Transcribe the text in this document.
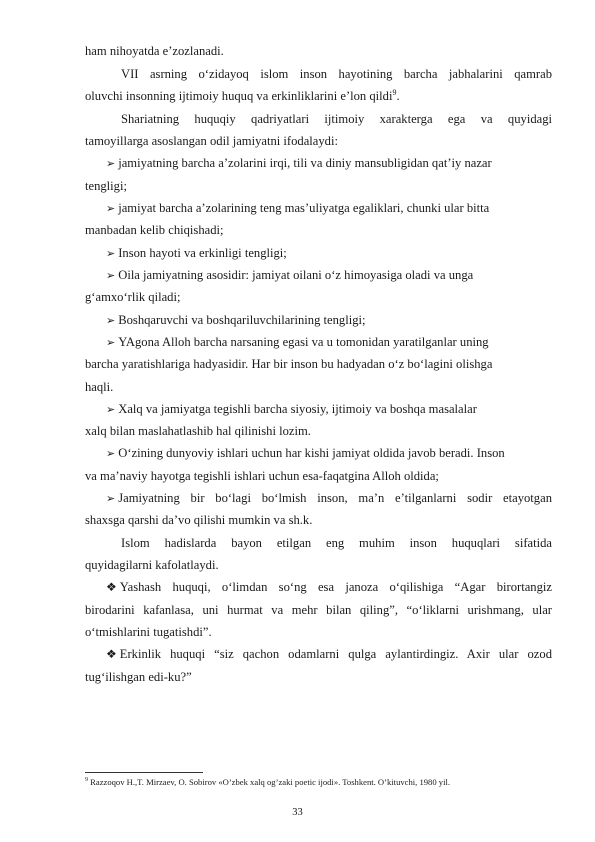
ham nihoyatda e’zozlanadi.
VII asrning o‘zidayoq islom inson hayotining barcha jabhalarini qamrab
oluvchi insonning ijtimoiy huquq va erkinliklarini e’lon qildi$^9$.
Shariatning huquqiy qadriyatlari ijtimoiy xarakterga ega va quyidagi
tamoyillarga asoslangan odil jamiyatni ifodalaydi:
➢ jamiyatning barcha a’zolarini irqi, tili va diniy mansubligidan qat’iy nazar
tengligi;
➢ jamiyat barcha a’zolarining teng mas’uliyatga egaliklari, chunki ular bitta
manbadan kelib chiqishadi;
➢ Inson hayoti va erkinligi tengligi;
➢ Oila jamiyatning asosidir: jamiyat oilani o‘z himoyasiga oladi va unga
g‘amxo‘rlik qiladi;
➢ Boshqaruvchi va boshqariluvchilarining tengligi;
➢ YAgona Alloh barcha narsaning egasi va u tomonidan yaratilganlar uning
barcha yaratishlariga hadyasidir. Har bir inson bu hadyadan o‘z bo‘lagini olishga
haqli.
➢ Xalq va jamiyatga tegishli barcha siyosiy, ijtimoiy va boshqa masalalar
xalq bilan maslahatlashib hal qilinishi lozim.
➢ O‘zining dunyoviy ishlari uchun har kishi jamiyat oldida javob beradi. Inson
va ma’naviy hayotga tegishli ishlari uchun esa-faqatgina Alloh oldida;
➢ Jamiyatning bir bo‘lagi bo‘lmish inson, ma’n e’tilganlarni sodir etayotgan
shaxsga qarshi da’vo qilishi mumkin va sh.k.
Islom hadislarda bayon etilgan eng muhim inson huquqlari sifatida
quyidagilarni kafolatlaydi.
❖ Yashash huquqi, o‘limdan so‘ng esa janoza o‘qilishiga “Agar birortangiz
birodarini kafanlasa, uni hurmat va mehr bilan qiling”, “o‘liklarni urishmang, ular
o‘tmishlarini tugatishdi”.
❖ Erkinlik huquqi “siz qachon odamlarni qulga aylantirdingiz. Axir ular ozod
tug‘ilishgan edi-ku?”
$^9$ Razzoqov H.,T. Mirzaev, O. Sobirov «O’zbek xalq og’zaki poetic ijodi». Toshkent. O’kituvchi, 1980 yil.
33
